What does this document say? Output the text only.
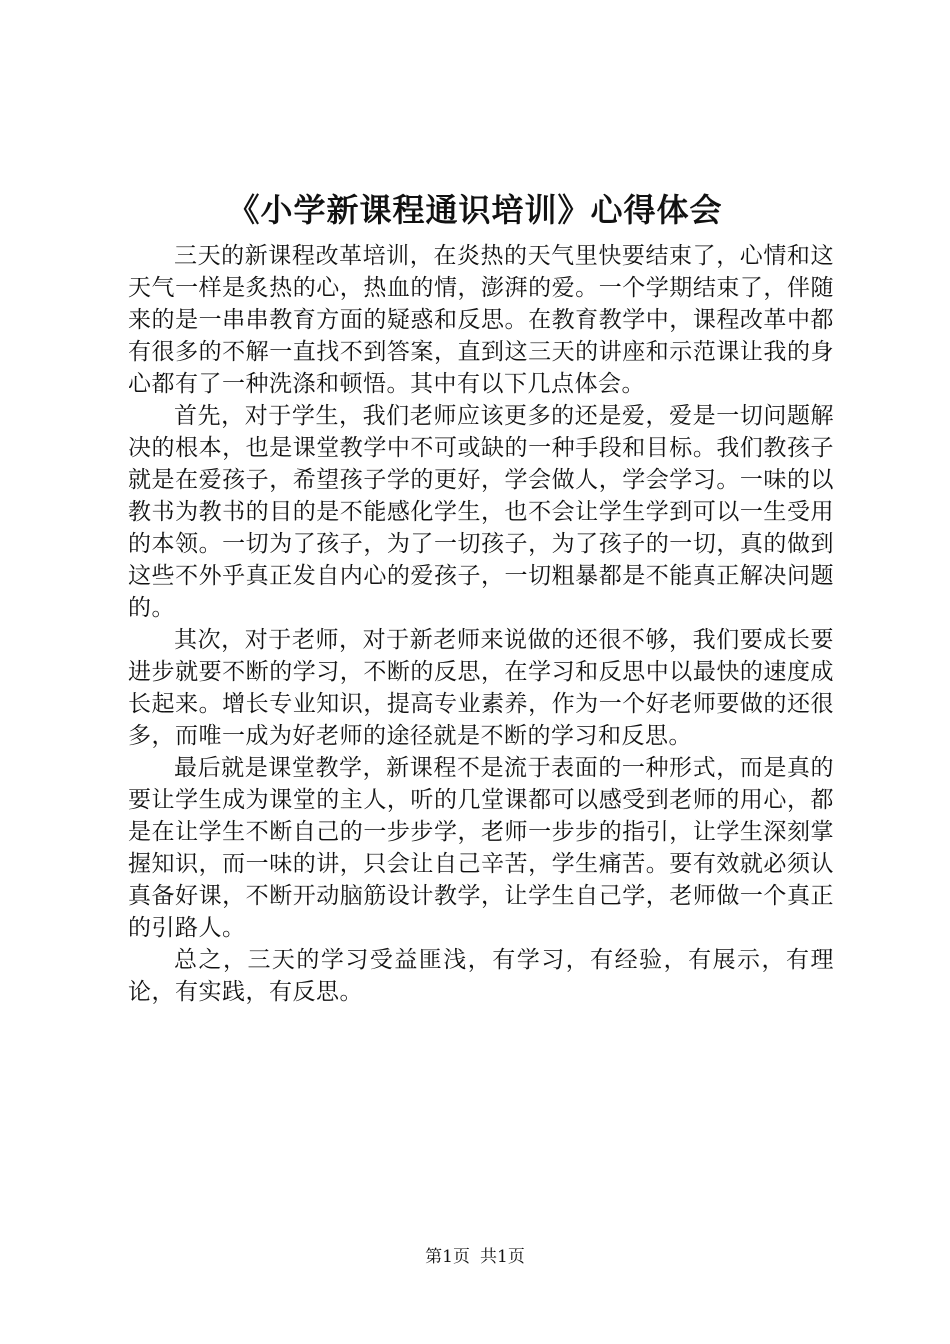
《小学新课程通识培训》心得体会

三天的新课程改革培训，在炎热的天气里快要结束了，心情和这天气一样是炙热的心，热血的情，澎湃的爱。一个学期结束了，伴随来的是一串串教育方面的疑惑和反思。在教育教学中，课程改革中都有很多的不解一直找不到答案，直到这三天的讲座和示范课让我的身心都有了一种洗涤和顿悟。其中有以下几点体会。

首先，对于学生，我们老师应该更多的还是爱，爱是一切问题解决的根本，也是课堂教学中不可或缺的一种手段和目标。我们教孩子就是在爱孩子，希望孩子学的更好，学会做人，学会学习。一味的以教书为教书的目的是不能感化学生，也不会让学生学到可以一生受用的本领。一切为了孩子，为了一切孩子，为了孩子的一切，真的做到这些不外乎真正发自内心的爱孩子，一切粗暴都是不能真正解决问题的。

其次，对于老师，对于新老师来说做的还很不够，我们要成长要进步就要不断的学习，不断的反思，在学习和反思中以最快的速度成长起来。增长专业知识，提高专业素养，作为一个好老师要做的还很多，而唯一成为好老师的途径就是不断的学习和反思。

最后就是课堂教学，新课程不是流于表面的一种形式，而是真的要让学生成为课堂的主人，听的几堂课都可以感受到老师的用心，都是在让学生不断自己的一步步学，老师一步步的指引，让学生深刻掌握知识，而一味的讲，只会让自己辛苦，学生痛苦。要有效就必须认真备好课，不断开动脑筋设计教学，让学生自己学，老师做一个真正的引路人。

总之，三天的学习受益匪浅，有学习，有经验，有展示，有理论，有实践，有反思。

第1页 共1页
